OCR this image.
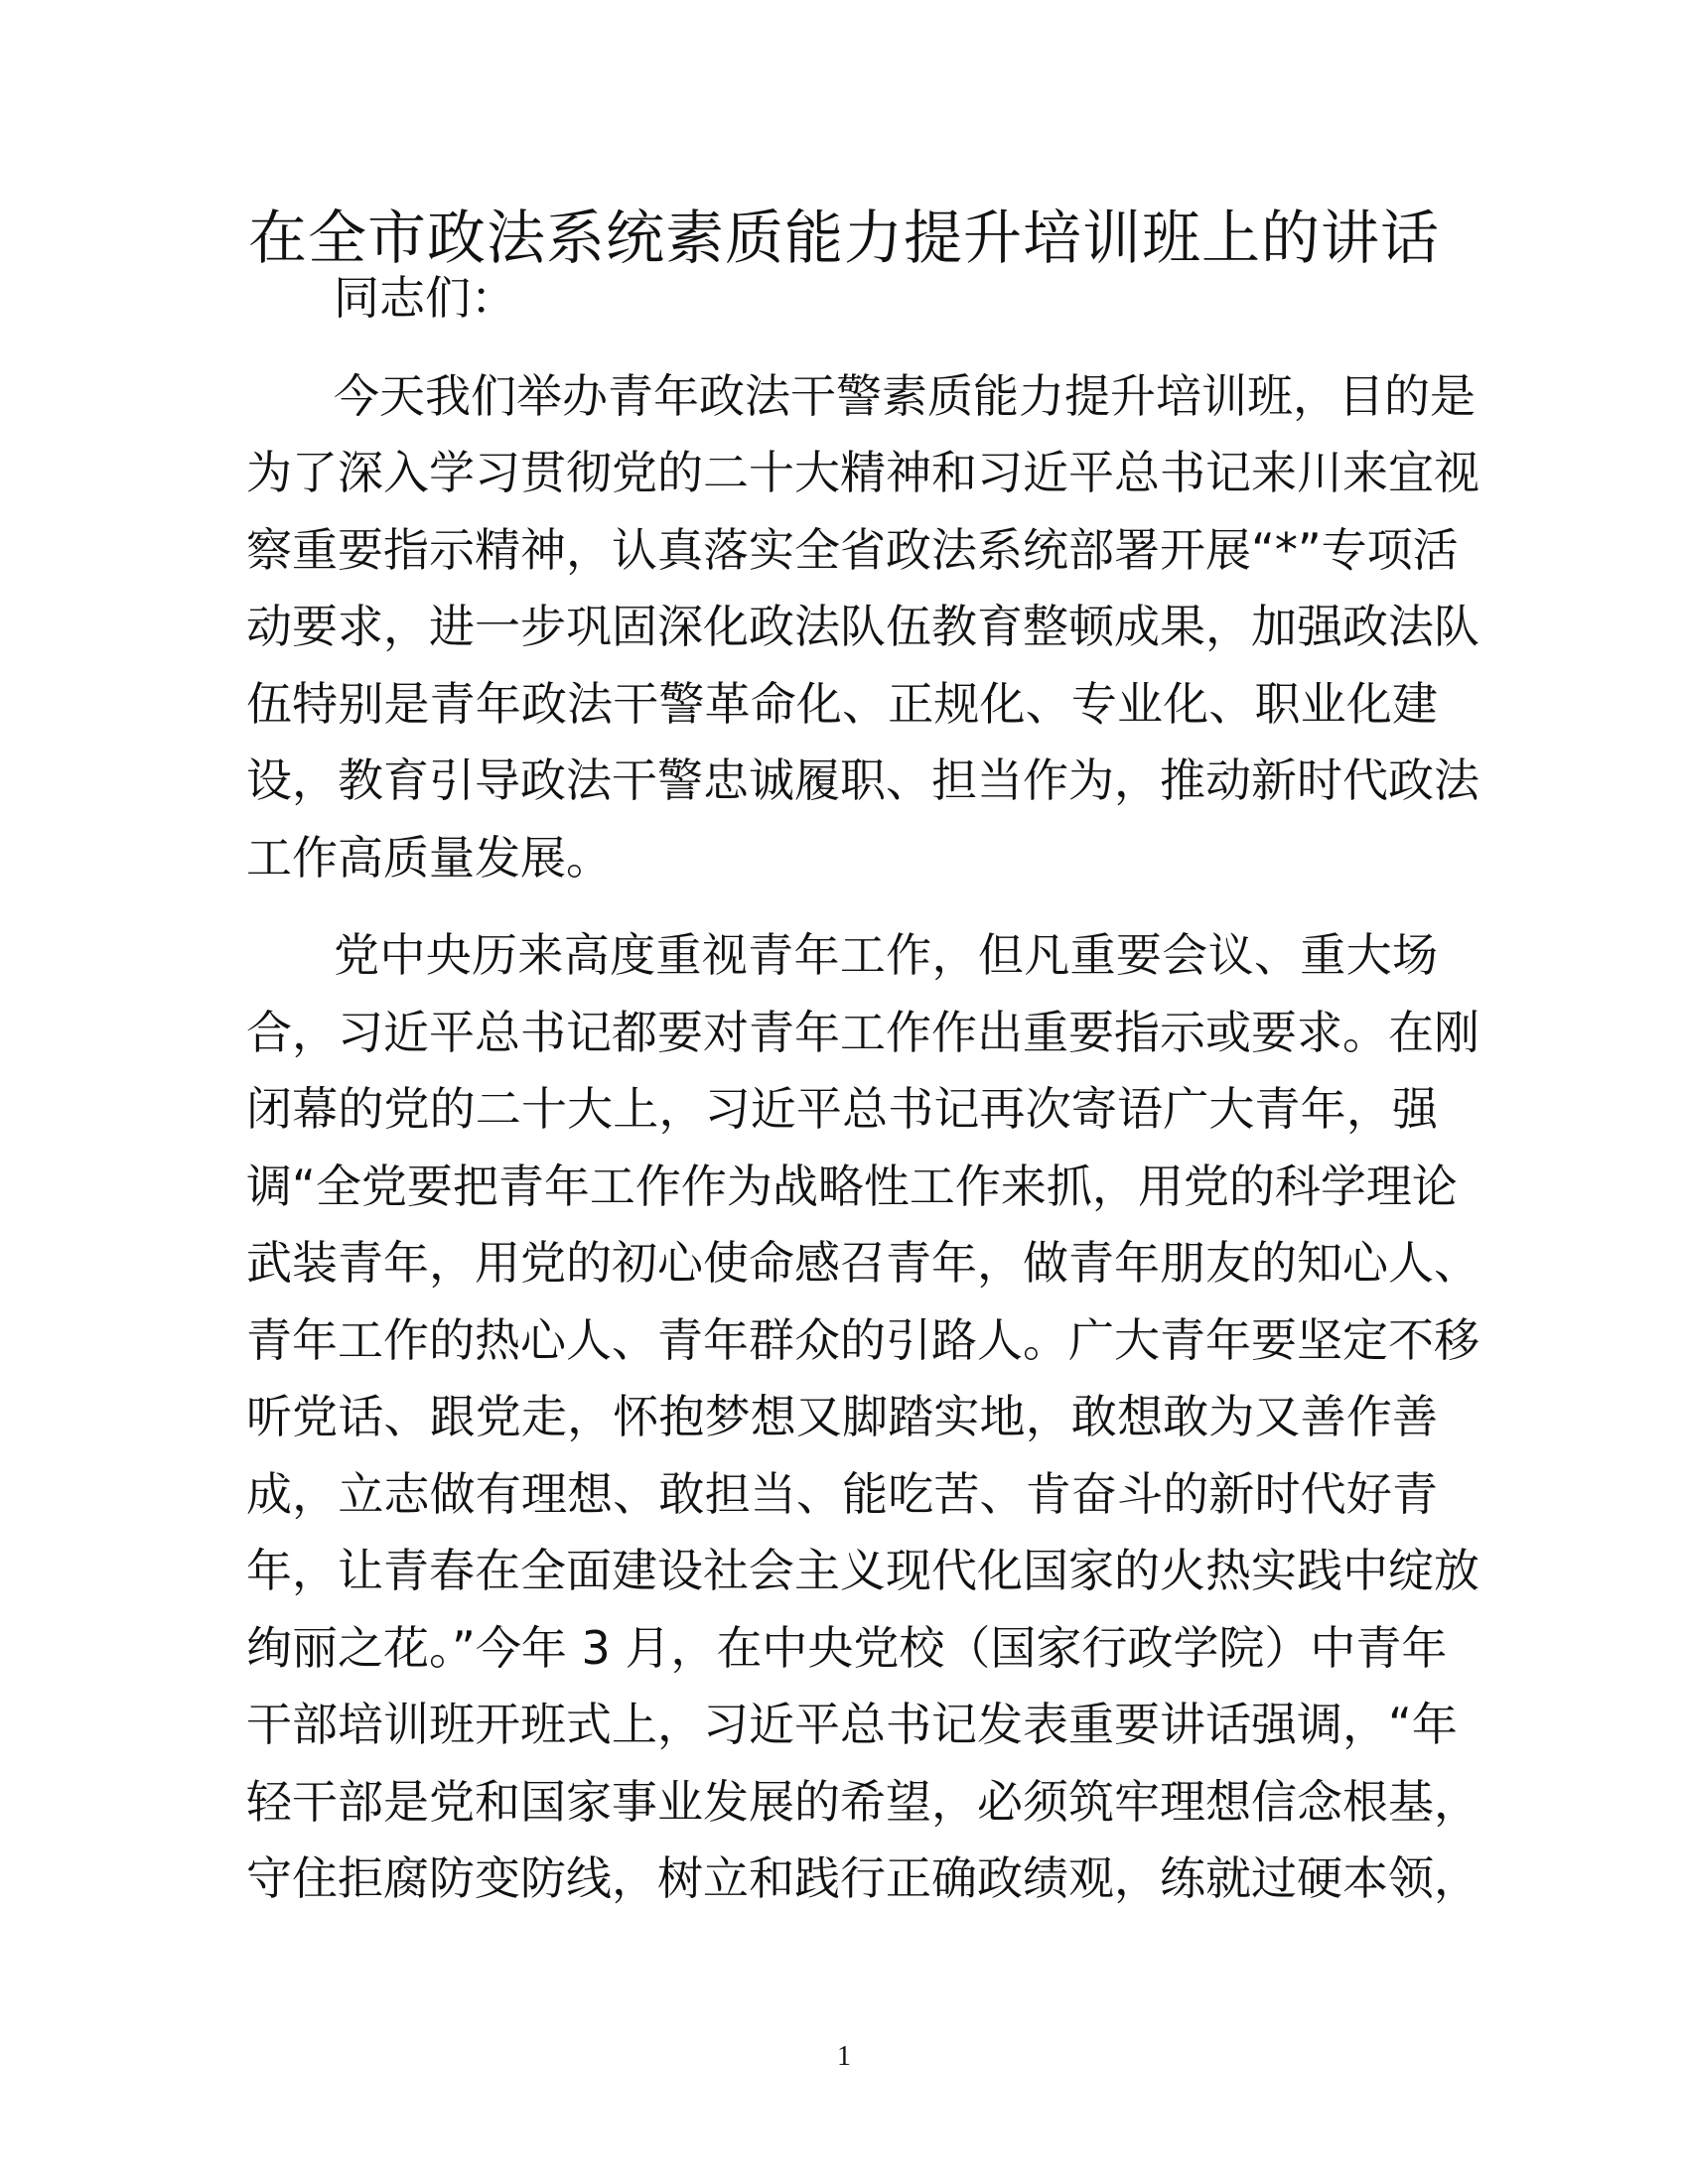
在全市政法系统素质能力提升培训班上的讲话
同志们：
今天我们举办青年政法干警素质能力提升培训班，目的是
为了深入学习贯彻党的二十大精神和习近平总书记来川来宜视
察重要指示精神，认真落实全省政法系统部署开展“*”专项活
动要求，进一步巩固深化政法队伍教育整顿成果，加强政法队
伍特别是青年政法干警革命化、正规化、专业化、职业化建
设，教育引导政法干警忠诚履职、担当作为，推动新时代政法
工作高质量发展。
党中央历来高度重视青年工作，但凡重要会议、重大场
合，习近平总书记都要对青年工作作出重要指示或要求。在刚
闭幕的党的二十大上，习近平总书记再次寄语广大青年，强
调“全党要把青年工作作为战略性工作来抓，用党的科学理论
武装青年，用党的初心使命感召青年，做青年朋友的知心人、
青年工作的热心人、青年群众的引路人。广大青年要坚定不移
听党话、跟党走，怀抱梦想又脚踏实地，敢想敢为又善作善
成，立志做有理想、敢担当、能吃苦、肯奋斗的新时代好青
年，让青春在全面建设社会主义现代化国家的火热实践中绽放
绚丽之花。”今年 3 月，在中央党校（国家行政学院）中青年
干部培训班开班式上，习近平总书记发表重要讲话强调，“年
轻干部是党和国家事业发展的希望，必须筑牢理想信念根基，
守住拒腐防变防线，树立和践行正确政绩观，练就过硬本领，
1
